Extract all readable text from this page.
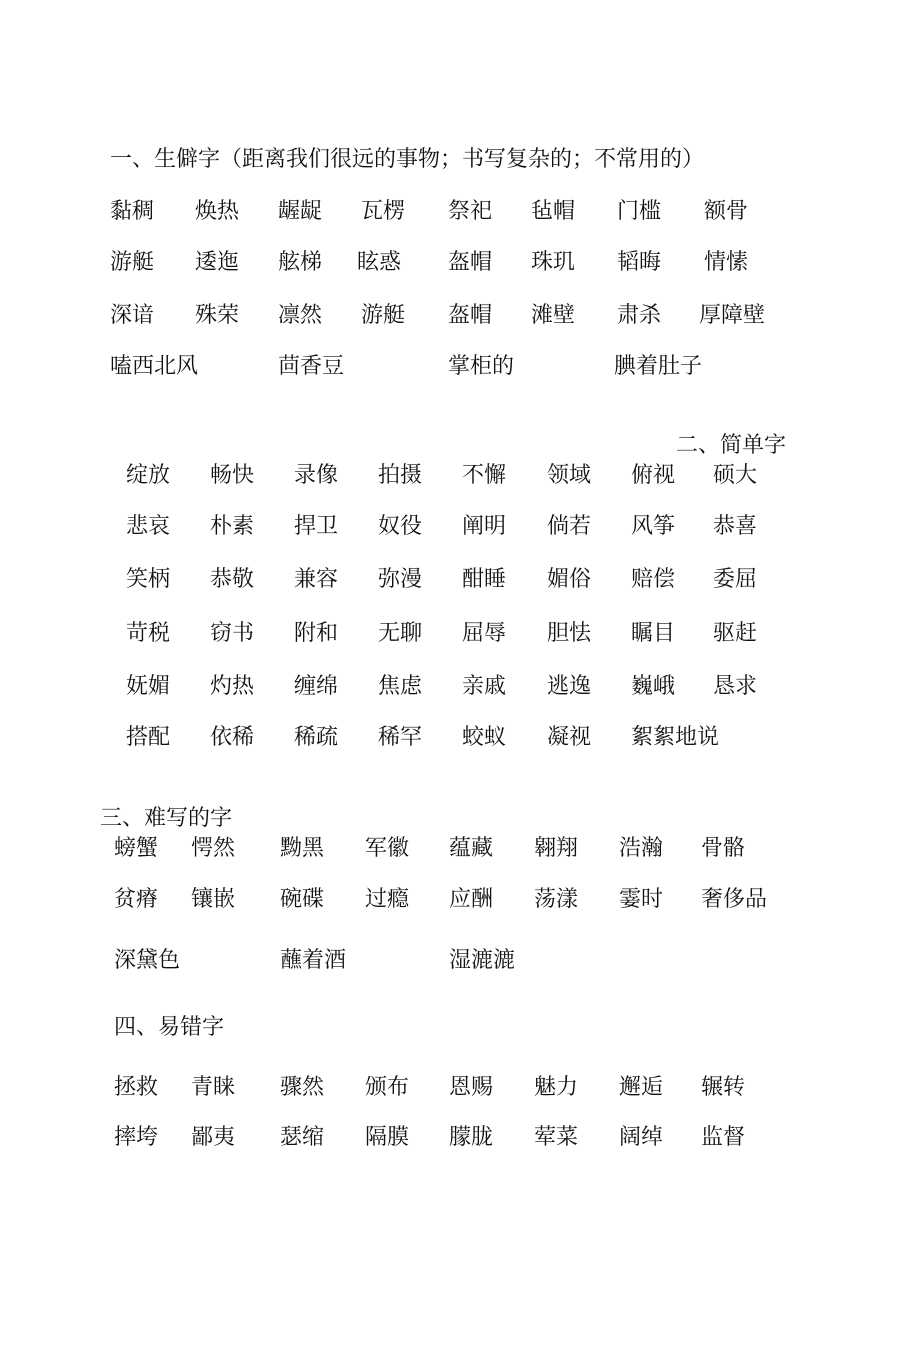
一、生僻字（距离我们很远的事物；书写复杂的；不常用的）
黏稠 焕热 龌龊 瓦楞 祭祀 毡帽 门槛 额骨
游艇 逶迤 舷梯 眩惑 盔帽 珠玑 韬晦 情愫
深谙 殊荣 凛然 游艇 盔帽 滩壁 肃杀 厚障壁
嗑西北风	茴香豆	掌柜的	腆着肚子
二、简单字
绽放 畅快 录像 拍摄 不懈 领域 俯视 硕大
悲哀 朴素 捍卫 奴役 阐明 倘若 风筝 恭喜
笑柄 恭敬 兼容 弥漫 酣睡 媚俗 赔偿 委屈
苛税 窃书 附和 无聊 屈辱 胆怯 瞩目 驱赶
妩媚 灼热 缠绵 焦虑 亲戚 逃逸 巍峨 恳求
搭配 依稀 稀疏 稀罕 蛟蚁 凝视 絮絮地说
三、难写的字
螃蟹 愕然 黝黑 军徽 蕴藏 翱翔 浩瀚 骨骼
贫瘠 镶嵌 碗碟 过瘾 应酬 荡漾 霎时 奢侈品
深黛色	蘸着酒	湿漉漉
四、易错字
拯救 青睐 骤然 颁布 恩赐 魅力 邂逅 辗转
摔垮 鄙夷 瑟缩 隔膜 朦胧 荤菜 阔绰 监督
